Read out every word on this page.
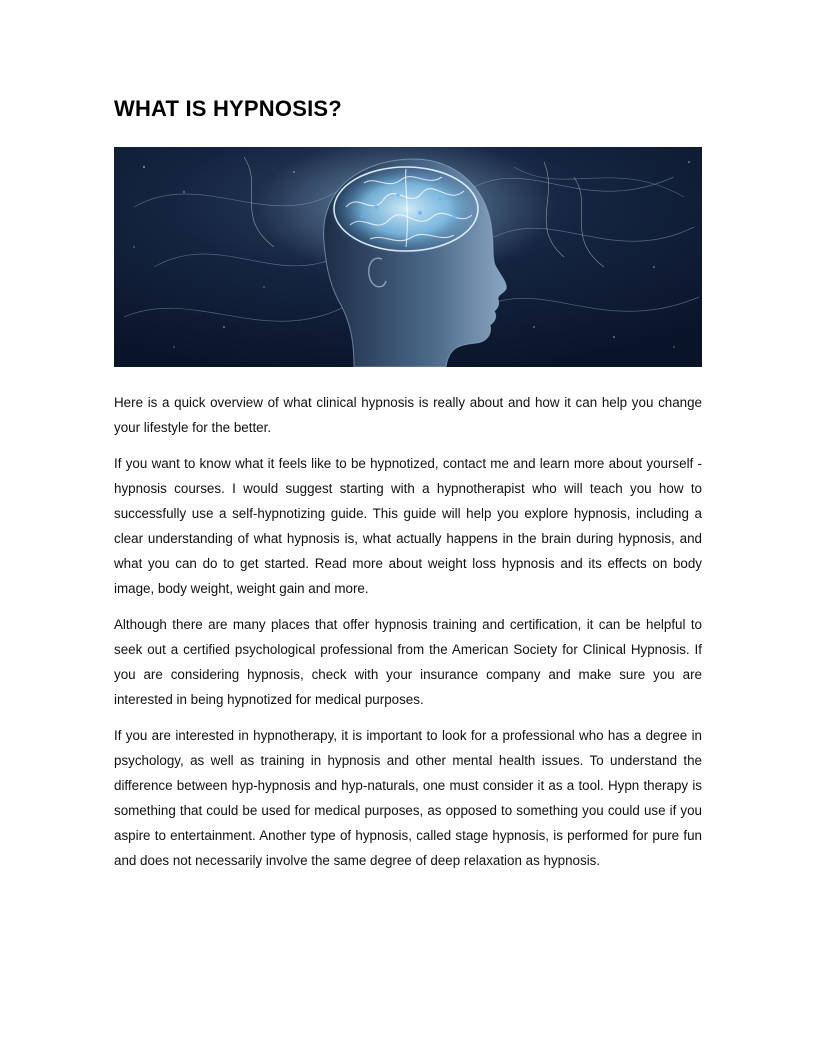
WHAT IS HYPNOSIS?

Here is a quick overview of what clinical hypnosis is really about and how it can help you change your lifestyle for the better.

If you want to know what it feels like to be hypnotized, contact me and learn more about yourself - hypnosis courses. I would suggest starting with a hypnotherapist who will teach you how to successfully use a self-hypnotizing guide. This guide will help you explore hypnosis, including a clear understanding of what hypnosis is, what actually happens in the brain during hypnosis, and what you can do to get started. Read more about weight loss hypnosis and its effects on body image, body weight, weight gain and more.

Although there are many places that offer hypnosis training and certification, it can be helpful to seek out a certified psychological professional from the American Society for Clinical Hypnosis. If you are considering hypnosis, check with your insurance company and make sure you are interested in being hypnotized for medical purposes.

If you are interested in hypnotherapy, it is important to look for a professional who has a degree in psychology, as well as training in hypnosis and other mental health issues. To understand the difference between hyp-hypnosis and hyp-naturals, one must consider it as a tool. Hypn therapy is something that could be used for medical purposes, as opposed to something you could use if you aspire to entertainment. Another type of hypnosis, called stage hypnosis, is performed for pure fun and does not necessarily involve the same degree of deep relaxation as hypnosis.
